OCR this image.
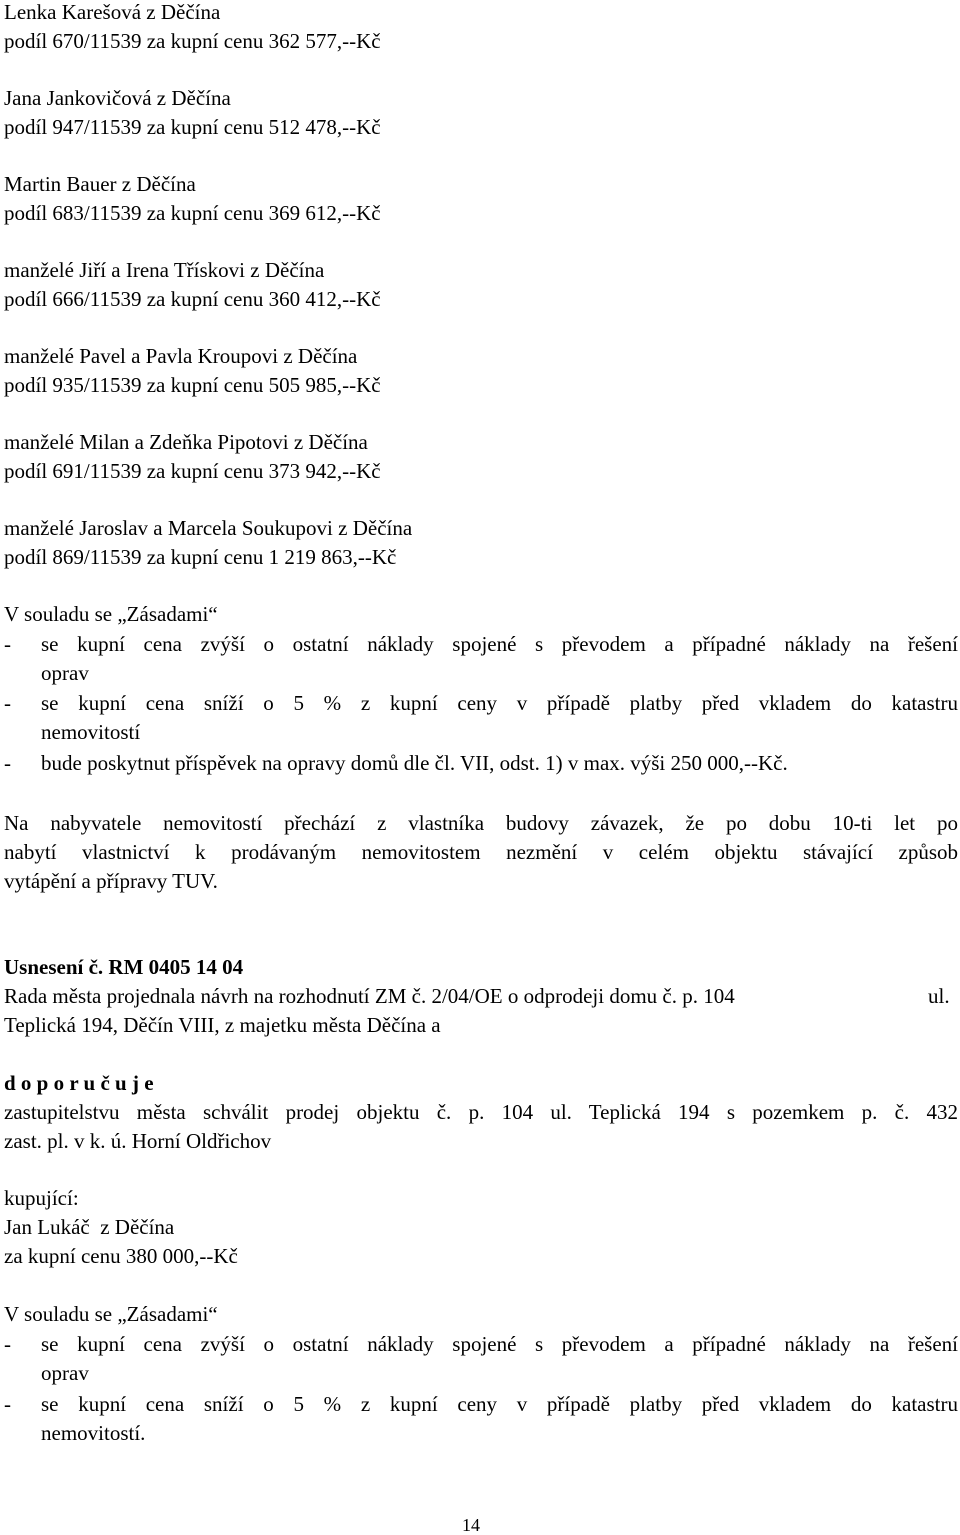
Lenka Karešová z Děčína
podíl 670/11539 za kupní cenu 362 577,--Kč
Jana Jankovičová z Děčína
podíl 947/11539 za kupní cenu 512 478,--Kč
Martin Bauer z Děčína
podíl 683/11539 za kupní cenu 369 612,--Kč
manželé Jiří a Irena Třískovi z Děčína
podíl 666/11539 za kupní cenu 360 412,--Kč
manželé Pavel a Pavla Kroupovi z Děčína
podíl 935/11539 za kupní cenu 505 985,--Kč
manželé Milan a Zdeňka Pipotovi z Děčína
podíl 691/11539 za kupní cenu 373 942,--Kč
manželé Jaroslav a Marcela Soukupovi z Děčína
podíl 869/11539 za kupní cenu 1 219 863,--Kč
V souladu se „Zásadami“
- se kupní cena zvýší o ostatní náklady spojené s převodem a případné náklady na řešení
oprav
- se kupní cena sníží o 5 % z kupní ceny v případě platby před vkladem do katastru
nemovitostí
- bude poskytnut příspěvek na opravy domů dle čl. VII, odst. 1) v max. výši 250 000,--Kč.
Na nabyvatele nemovitostí přechází z vlastníka budovy závazek, že po dobu 10-ti let po
nabytí vlastnictví k prodávaným nemovitostem nezmění v celém objektu stávající způsob
vytápění a přípravy TUV.
Usnesení č. RM 0405 14 04
Rada města projednala návrh na rozhodnutí ZM č. 2/04/OE o odprodeji domu č. p. 104	ul.
Teplická 194, Děčín VIII, z majetku města Děčína a
d o p o r u č u j e
zastupitelstvu města schválit prodej objektu č. p. 104 ul. Teplická 194 s pozemkem p. č. 432
zast. pl. v k. ú. Horní Oldřichov
kupující:
Jan Lukáč  z Děčína
za kupní cenu 380 000,--Kč
V souladu se „Zásadami“
- se kupní cena zvýší o ostatní náklady spojené s převodem a případné náklady na řešení
oprav
- se kupní cena sníží o 5 % z kupní ceny v případě platby před vkladem do katastru
nemovitostí.
14
